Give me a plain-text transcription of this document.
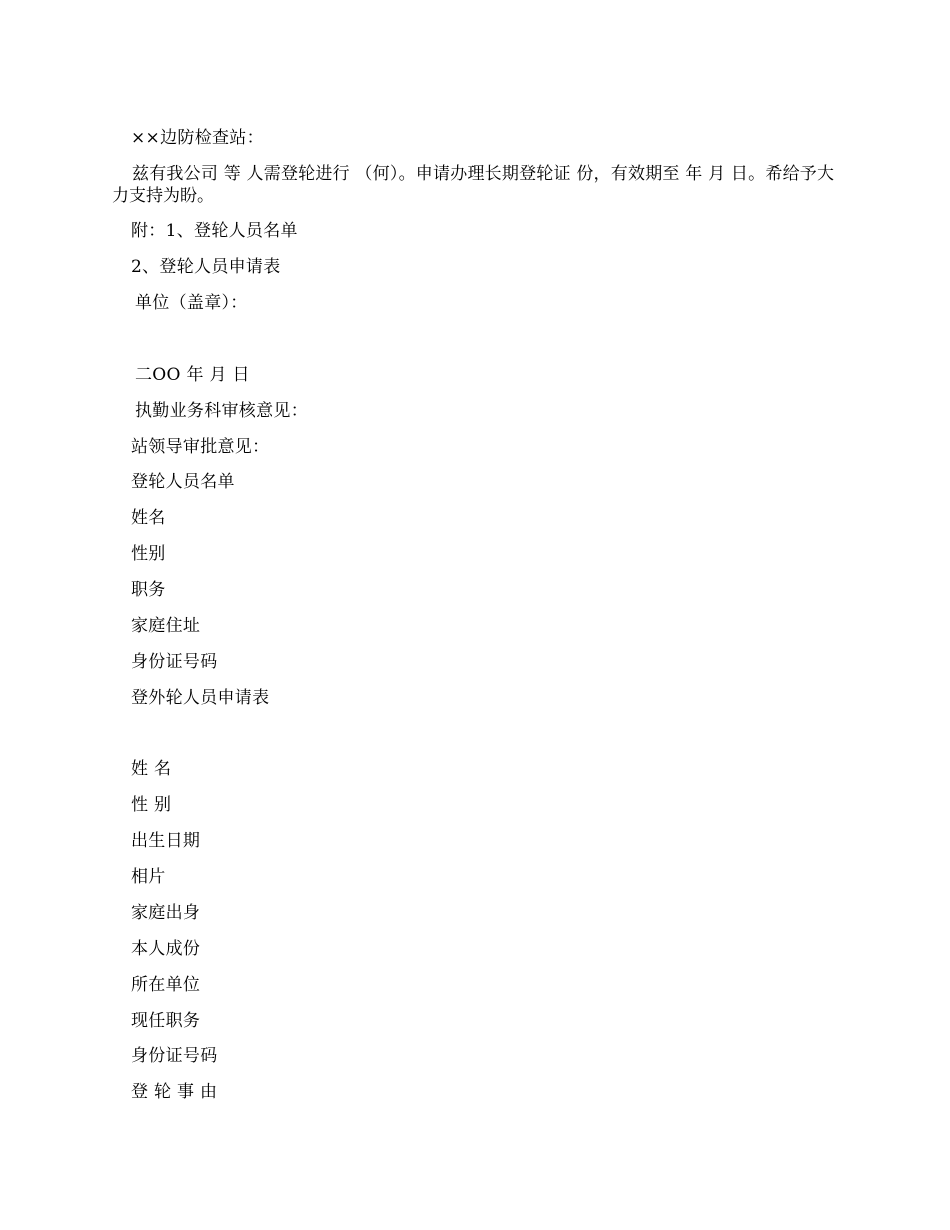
××边防检查站：
兹有我公司 等 人需登轮进行 （何）。申请办理长期登轮证 份，有效期至 年 月 日。希给予大力支持为盼。
附：1、登轮人员名单
2、登轮人员申请表
单位（盖章）：
二OO 年 月 日
执勤业务科审核意见：
站领导审批意见：
登轮人员名单
姓名
性别
职务
家庭住址
身份证号码
登外轮人员申请表
姓 名
性 别
出生日期
相片
家庭出身
本人成份
所在单位
现任职务
身份证号码
登 轮 事 由
